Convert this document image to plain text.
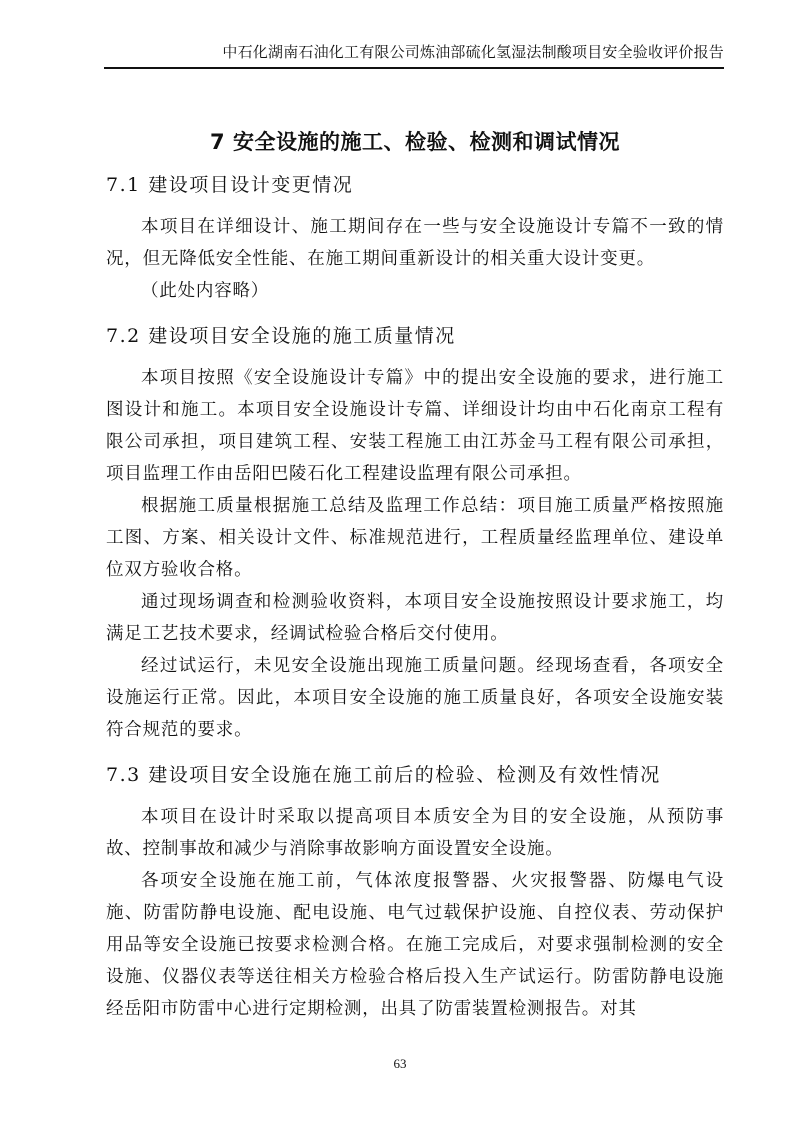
中石化湖南石油化工有限公司炼油部硫化氢湿法制酸项目安全验收评价报告
7 安全设施的施工、检验、检测和调试情况
7.1 建设项目设计变更情况

本项目在详细设计、施工期间存在一些与安全设施设计专篇不一致的情况，但无降低安全性能、在施工期间重新设计的相关重大设计变更。

（此处内容略）

7.2 建设项目安全设施的施工质量情况

本项目按照《安全设施设计专篇》中的提出安全设施的要求，进行施工图设计和施工。本项目安全设施设计专篇、详细设计均由中石化南京工程有限公司承担，项目建筑工程、安装工程施工由江苏金马工程有限公司承担，项目监理工作由岳阳巴陵石化工程建设监理有限公司承担。

根据施工质量根据施工总结及监理工作总结：项目施工质量严格按照施工图、方案、相关设计文件、标准规范进行，工程质量经监理单位、建设单位双方验收合格。

通过现场调查和检测验收资料，本项目安全设施按照设计要求施工，均满足工艺技术要求，经调试检验合格后交付使用。

经过试运行，未见安全设施出现施工质量问题。经现场查看，各项安全设施运行正常。因此，本项目安全设施的施工质量良好，各项安全设施安装符合规范的要求。

7.3 建设项目安全设施在施工前后的检验、检测及有效性情况

本项目在设计时采取以提高项目本质安全为目的安全设施，从预防事故、控制事故和减少与消除事故影响方面设置安全设施。

各项安全设施在施工前，气体浓度报警器、火灾报警器、防爆电气设施、防雷防静电设施、配电设施、电气过载保护设施、自控仪表、劳动保护用品等安全设施已按要求检测合格。在施工完成后，对要求强制检测的安全设施、仪器仪表等送往相关方检验合格后投入生产试运行。防雷防静电设施经岳阳市防雷中心进行定期检测，出具了防雷装置检测报告。对其

63
